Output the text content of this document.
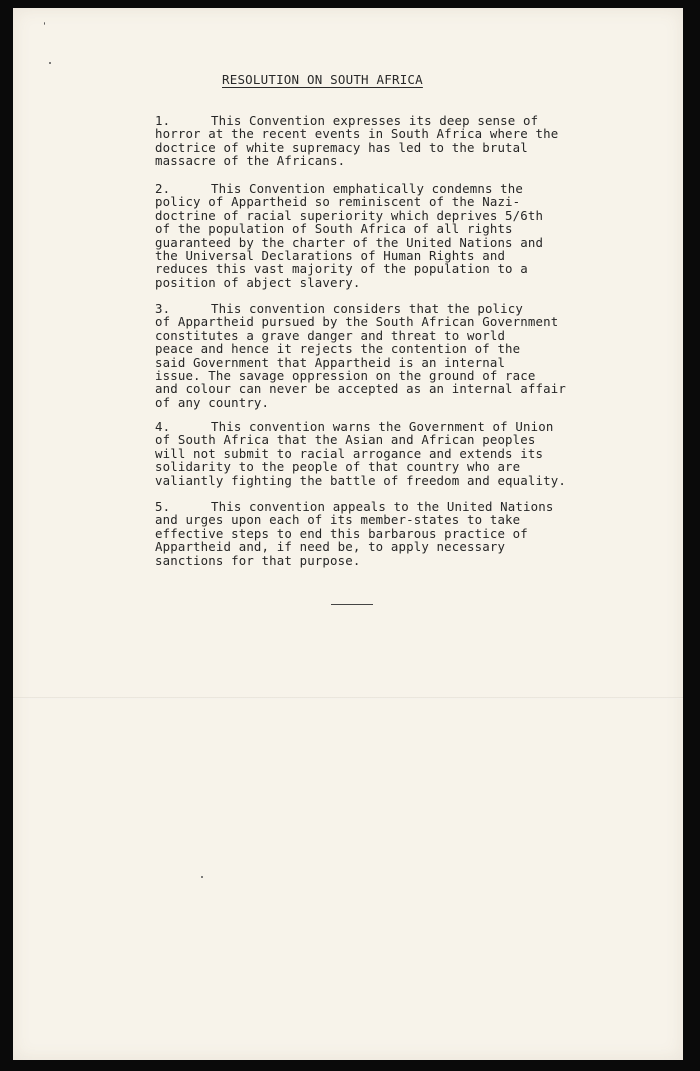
RESOLUTION ON SOUTH AFRICA
1.	This Convention expresses its deep sense of
horror at the recent events in South Africa where the
doctrice of white supremacy has led to the brutal
massacre of the Africans.
2.	This Convention emphatically condemns the
policy of Appartheid so reminiscent of the Nazi-
doctrine of racial superiority which deprives 5/6th
of the population of South Africa of all rights
guaranteed by the charter of the United Nations and
the Universal Declarations of Human Rights and
reduces this vast majority of the population to a
position of abject slavery.
3.	This convention considers that the policy
of Appartheid pursued by the South African Government
constitutes a grave danger and threat to world
peace and hence it rejects the contention of the
said Government that Appartheid is an internal
issue. The savage oppression on the ground of race
and colour can never be accepted as an internal affair
of any country.
4.	This convention warns the Government of Union
of South Africa that the Asian and African peoples
will not submit to racial arrogance and extends its
solidarity to the people of that country who are
valiantly fighting the battle of freedom and equality.
5.	This convention appeals to the United Nations
and urges upon each of its member-states to take
effective steps to end this barbarous practice of
Appartheid and, if need be, to apply necessary
sanctions for that purpose.
